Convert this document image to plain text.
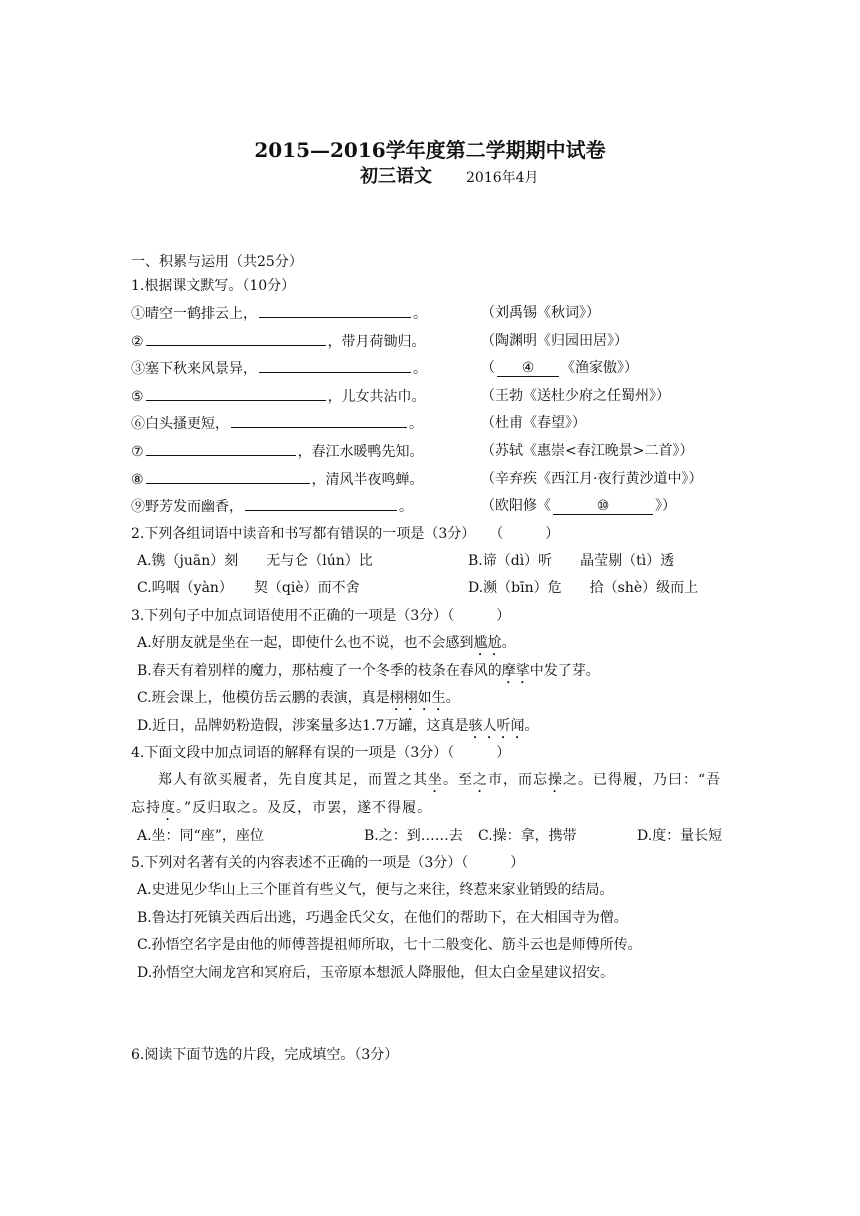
2015—2016学年度第二学期期中试卷
初三语文 2016年4月
一、积累与运用（共25分）
1.根据课文默写。（10分）
①晴空一鹤排云上，	。	（刘禹锡《秋词》）
②	，带月荷锄归。	（陶渊明《归园田居》）
③塞下秋来风景异，	。	（ ④ 《渔家傲》）
⑤	，儿女共沾巾。	（王勃《送杜少府之任蜀州》）
⑥白头搔更短，	。	（杜甫《春望》）
⑦	，春江水暖鸭先知。	（苏轼《惠崇<春江晚景>二首》）
⑧	，清风半夜鸣蝉。	（辛弃疾《西江月·夜行黄沙道中》）
⑨野芳发而幽香，	。	（欧阳修《	⑩	》）
2.下列各组词语中读音和书写都有错误的一项是（3分）　　（　　　）
A.镌（juān）刻　　无与仑（lún）比	B.谛（dì）听　　晶莹剔（tì）透
C.呜咽（yàn）　　契（qiè）而不舍	D.濒（bīn）危　　拾（shè）级而上
3.下列句子中加点词语使用不正确的一项是（3分）（　　　）
A.好朋友就是坐在一起，即使什么也不说，也不会感到尴尬。
B.春天有着别样的魔力，那枯瘦了一个冬季的枝条在春风的摩挲中发了芽。
C.班会课上，他模仿岳云鹏的表演，真是栩栩如生。
D.近日，品牌奶粉造假，涉案量多达1.7万罐，这真是骇人听闻。
4.下面文段中加点词语的解释有误的一项是（3分）（　　　）
郑人有欲买履者，先自度其足，而置之其坐。至之市，而忘操之。已得履，乃曰：“吾
忘持度。”反归取之。及反，市罢，遂不得履。
A.坐：同“座”，座位	B.之：到……去 C.操：拿，携带	D.度：量长短
5.下列对名著有关的内容表述不正确的一项是（3分）（　　　）
A.史进见少华山上三个匪首有些义气，便与之来往，终惹来家业销毁的结局。
B.鲁达打死镇关西后出逃，巧遇金氏父女，在他们的帮助下，在大相国寺为僧。
C.孙悟空名字是由他的师傅菩提祖师所取，七十二般变化、筋斗云也是师傅所传。
D.孙悟空大闹龙宫和冥府后，玉帝原本想派人降服他，但太白金星建议招安。
6.阅读下面节选的片段，完成填空。（3分）
